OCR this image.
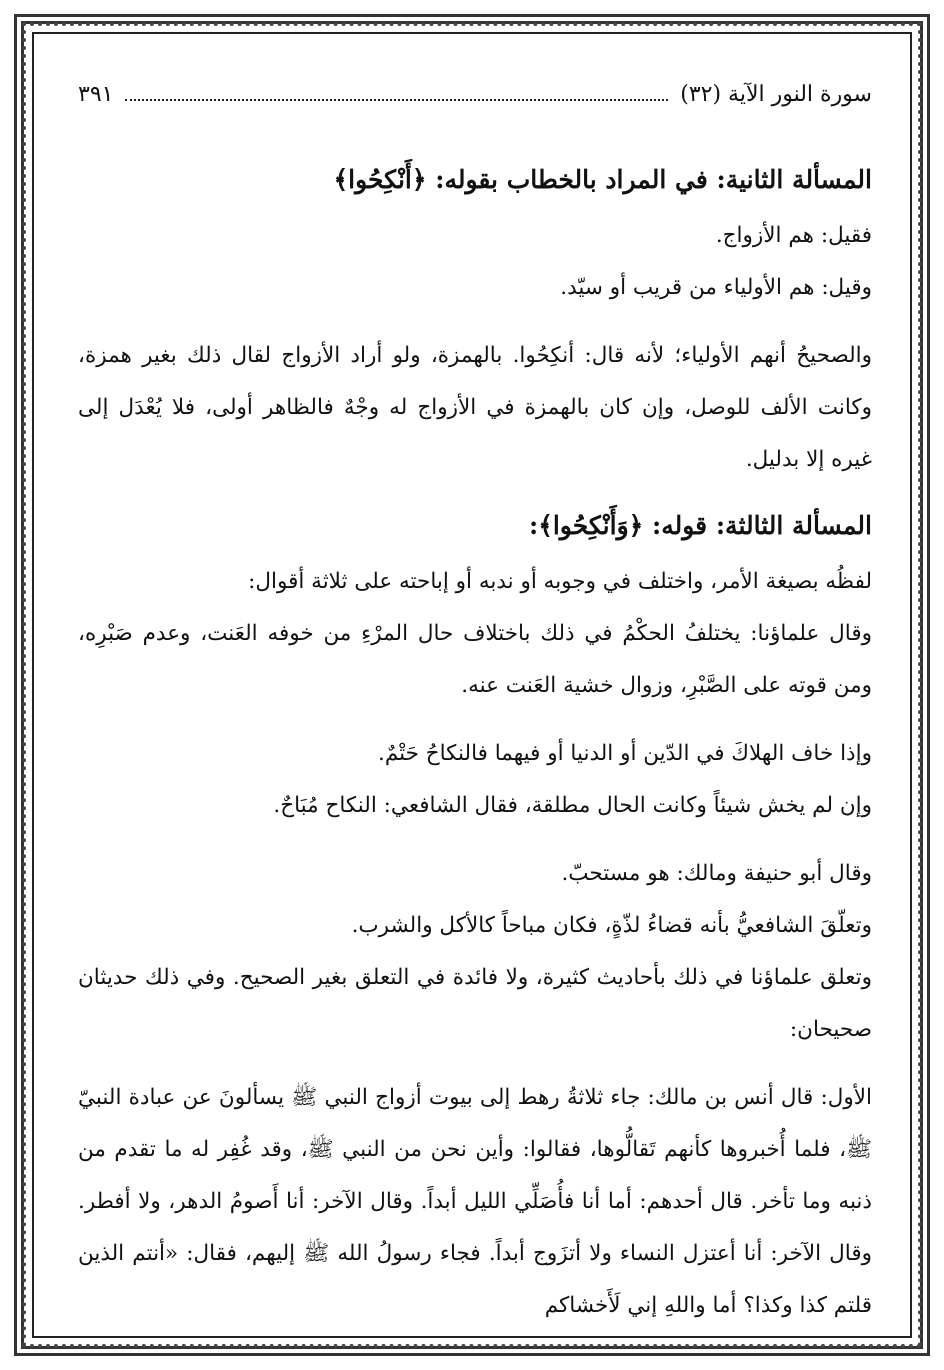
سورة النور الآية (٣٢)
٣٩١
المسألة الثانية: في المراد بالخطاب بقوله: ﴿أَنْكِحُوا﴾

فقيل: هم الأزواج.

وقيل: هم الأولياء من قريب أو سيّد.

والصحيحُ أنهم الأولياء؛ لأنه قال: أنكِحُوا. بالهمزة، ولو أراد الأزواج لقال ذلك بغير همزة، وكانت الألف للوصل، وإن كان بالهمزة في الأزواج له وجْهٌ فالظاهر أولى، فلا يُعْدَل إلى غيره إلا بدليل.

المسألة الثالثة: قوله: ﴿وَأَنْكِحُوا﴾:

لفظُه بصيغة الأمر، واختلف في وجوبه أو ندبه أو إباحته على ثلاثة أقوال:

وقال علماؤنا: يختلفُ الحكْمُ في ذلك باختلاف حال المرْءِ من خوفه العَنت، وعدم صَبْرِه، ومن قوته على الصَّبْرِ، وزوال خشية العَنت عنه.

وإذا خاف الهلاكَ في الدّين أو الدنيا أو فيهما فالنكاحُ حَتْمٌ.

وإن لم يخش شيئاً وكانت الحال مطلقة، فقال الشافعي: النكاح مُبَاحٌ.

وقال أبو حنيفة ومالك: هو مستحبّ.

وتعلّقَ الشافعيُّ بأنه قضاءُ لذّةٍ، فكان مباحاً كالأكل والشرب.

وتعلق علماؤنا في ذلك بأحاديث كثيرة، ولا فائدة في التعلق بغير الصحيح. وفي ذلك حديثان صحيحان:

الأول: قال أنس بن مالك: جاء ثلاثةُ رهط إلى بيوت أزواج النبي ﷺ يسألونَ عن عبادة النبيّ ﷺ، فلما أُخبروها كأنهم تَقالُّوها، فقالوا: وأين نحن من النبي ﷺ، وقد غُفِر له ما تقدم من ذنبه وما تأخر. قال أحدهم: أما أنا فأُصَلِّي الليل أبداً. وقال الآخر: أنا أَصومُ الدهر، ولا أفطر. وقال الآخر: أنا أعتزل النساء ولا أتزَوج أبداً. فجاء رسولُ الله ﷺ إليهم، فقال: «أنتم الذين قلتم كذا وكذا؟ أما واللهِ إني لَأَخشاكم
